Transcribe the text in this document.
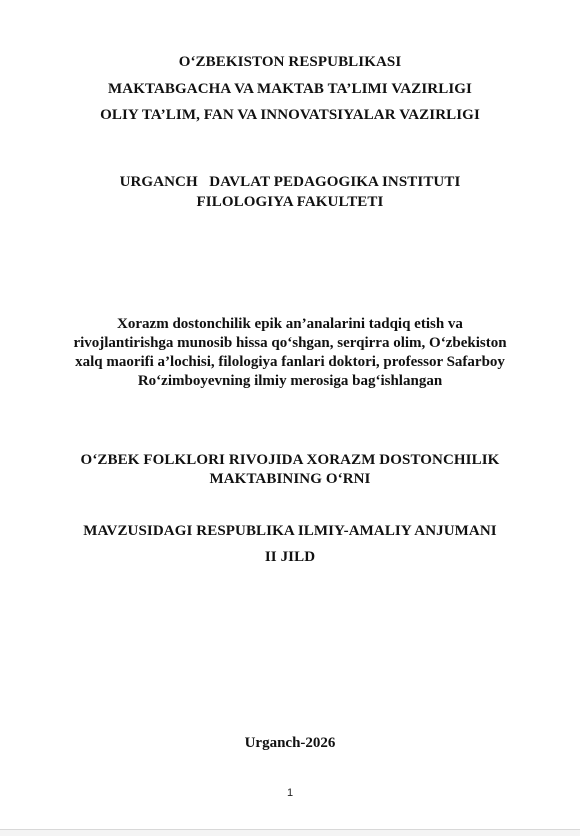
O‘ZBEKISTON RESPUBLIKASI
MAKTABGACHA VA MAKTAB TA’LIMI VAZIRLIGI
OLIY TA’LIM, FAN VA INNOVATSIYALAR VAZIRLIGI
URGANCH   DAVLAT PEDAGOGIKA INSTITUTI
FILOLOGIYA FAKULTETI
Xorazm dostonchilik epik an’analarini tadqiq etish va
rivojlantirishga munosib hissa qo‘shgan, serqirra olim, O‘zbekiston
xalq maorifi a’lochisi, filologiya fanlari doktori, professor Safarboy
Ro‘zimboyevning ilmiy merosiga bag‘ishlangan
O‘ZBEK FOLKLORI RIVOJIDA XORAZM DOSTONCHILIK
MAKTABINING O‘RNI
MAVZUSIDAGI RESPUBLIKA ILMIY-AMALIY ANJUMANI
II JILD
Urganch-2026
1
